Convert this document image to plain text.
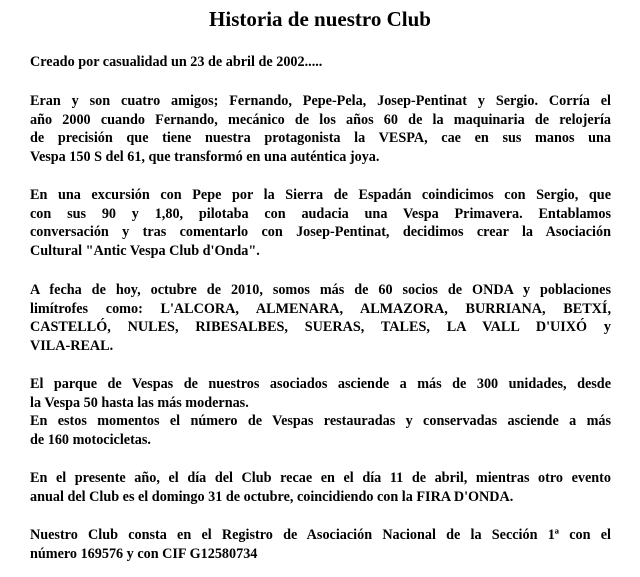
Historia de nuestro Club

Creado por casualidad un 23 de abril de 2002.....

Eran y son cuatro amigos; Fernando, Pepe-Pela, Josep-Pentinat y Sergio. Corría el
año 2000 cuando Fernando, mecánico de los años 60 de la maquinaria de relojería
de precisión que tiene nuestra protagonista la VESPA, cae en sus manos una
Vespa 150 S del 61, que transformó en una auténtica joya.

En una excursión con Pepe por la Sierra de Espadán coindicimos con Sergio, que
con sus 90 y 1,80, pilotaba con audacia una Vespa Primavera. Entablamos
conversación y tras comentarlo con Josep-Pentinat, decidimos crear la Asociación
Cultural "Antic Vespa Club d'Onda".

A fecha de hoy, octubre de 2010, somos más de 60 socios de ONDA y poblaciones
limítrofes como: L'ALCORA, ALMENARA, ALMAZORA, BURRIANA, BETXÍ,
CASTELLÓ, NULES, RIBESALBES, SUERAS, TALES, LA VALL D'UIXÓ y
VILA-REAL.

El parque de Vespas de nuestros asociados asciende a más de 300 unidades, desde
la Vespa 50 hasta las más modernas.
En estos momentos el número de Vespas restauradas y conservadas asciende a más
de 160 motocicletas.

En el presente año, el día del Club recae en el día 11 de abril, mientras otro evento
anual del Club es el domingo 31 de octubre, coincidiendo con la FIRA D'ONDA.

Nuestro Club consta en el Registro de Asociación Nacional de la Sección 1ª con el
número 169576 y con CIF G12580734
